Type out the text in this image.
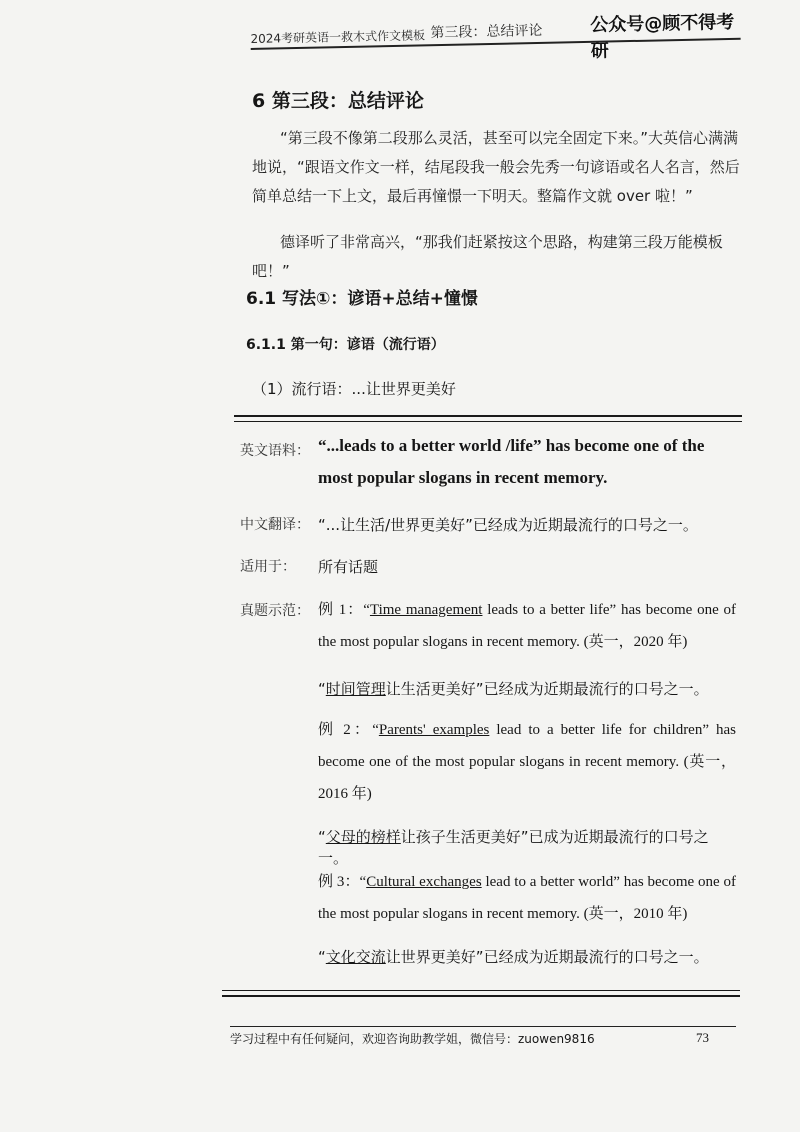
2024考研英语一救木式作文模板 第三段：总结评论	公众号@顾不得考研
6 第三段：总结评论
“第三段不像第二段那么灵活，甚至可以完全固定下来。”大英信心满满地说，“跟语文作文一样，结尾段我一般会先秀一句谚语或名人名言，然后简单总结一下上文，最后再憧憬一下明天。整篇作文就 over 啦！”
德译听了非常高兴，“那我们赶紧按这个思路，构建第三段万能模板吧！”
6.1 写法①：谚语+总结+憧憬
6.1.1 第一句：谚语（流行语）
（1）流行语：...让世界更美好
英文语料： “...leads to a better world /life” has become one of the most popular slogans in recent memory.
中文翻译： “...让生活/世界更美好”已经成为近期最流行的口号之一。
适用于： 所有话题
真题示范： 例 1：“Time management leads to a better life” has become one of the most popular slogans in recent memory. (英一，2020 年)
“时间管理让生活更美好”已经成为近期最流行的口号之一。
例 2：“Parents' examples lead to a better life for children” has become one of the most popular slogans in recent memory. (英一，2016 年)
“父母的榜样让孩子生活更美好”已成为近期最流行的口号之一。
例 3：“Cultural exchanges lead to a better world” has become one of the most popular slogans in recent memory. (英一，2010 年)
“文化交流让世界更美好”已经成为近期最流行的口号之一。
学习过程中有任何疑问，欢迎咨询助教学姐，微信号：zuowen9816	73
